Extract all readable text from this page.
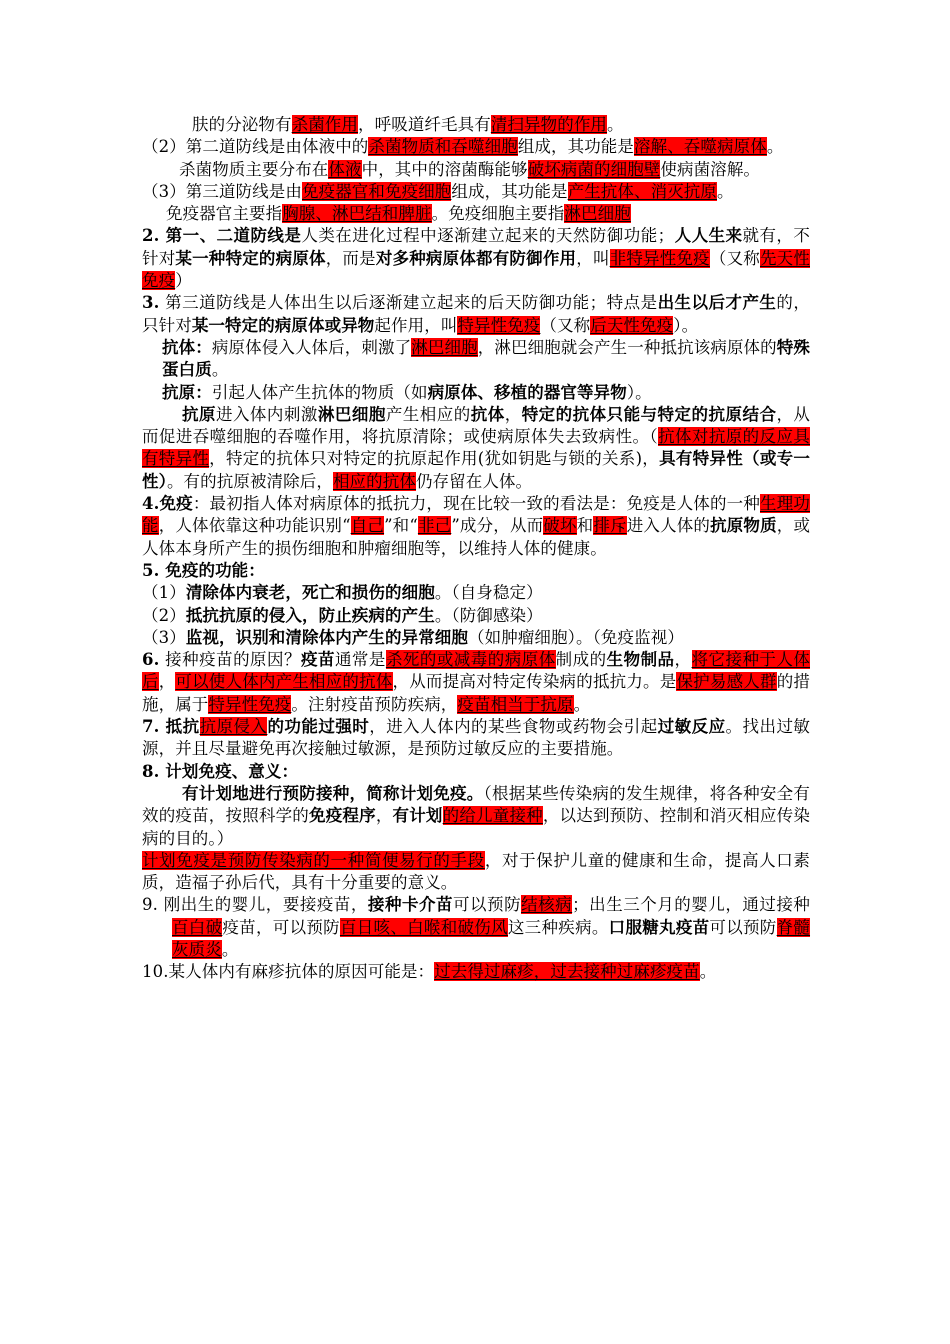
肤的分泌物有杀菌作用，呼吸道纤毛具有清扫异物的作用。

（2）第二道防线是由体液中的杀菌物质和吞噬细胞组成，其功能是溶解、吞噬病原体。

杀菌物质主要分布在体液中，其中的溶菌酶能够破坏病菌的细胞壁使病菌溶解。

（3）第三道防线是由免疫器官和免疫细胞组成，其功能是产生抗体、消灭抗原。

免疫器官主要指胸腺、淋巴结和脾脏。免疫细胞主要指淋巴细胞

2. 第一、二道防线是人类在进化过程中逐渐建立起来的天然防御功能；人人生来就有，不针对某一种特定的病原体，而是对多种病原体都有防御作用，叫非特异性免疫（又称先天性免疫）

3. 第三道防线是人体出生以后逐渐建立起来的后天防御功能；特点是出生以后才产生的，只针对某一特定的病原体或异物起作用，叫特异性免疫（又称后天性免疫）。

抗体：病原体侵入人体后，刺激了淋巴细胞，淋巴细胞就会产生一种抵抗该病原体的特殊蛋白质。

抗原：引起人体产生抗体的物质（如病原体、移植的器官等异物）。

抗原进入体内刺激淋巴细胞产生相应的抗体，特定的抗体只能与特定的抗原结合，从而促进吞噬细胞的吞噬作用，将抗原清除；或使病原体失去致病性。（抗体对抗原的反应具有特异性，特定的抗体只对特定的抗原起作用(犹如钥匙与锁的关系)，具有特异性（或专一性）。有的抗原被清除后，相应的抗体仍存留在人体。

4.免疫：最初指人体对病原体的抵抗力，现在比较一致的看法是：免疫是人体的一种生理功能，人体依靠这种功能识别“自己”和“非己”成分，从而破坏和排斥进入人体的抗原物质，或人体本身所产生的损伤细胞和肿瘤细胞等，以维持人体的健康。

5. 免疫的功能：

（1）清除体内衰老，死亡和损伤的细胞。（自身稳定）

（2）抵抗抗原的侵入，防止疾病的产生。（防御感染）

（3）监视，识别和清除体内产生的异常细胞（如肿瘤细胞）。（免疫监视）

6. 接种疫苗的原因？疫苗通常是杀死的或减毒的病原体制成的生物制品，将它接种于人体后，可以使人体内产生相应的抗体，从而提高对特定传染病的抵抗力。是保护易感人群的措施，属于特异性免疫。注射疫苗预防疾病，疫苗相当于抗原。

7. 抵抗抗原侵入的功能过强时，进入人体内的某些食物或药物会引起过敏反应。找出过敏源，并且尽量避免再次接触过敏源，是预防过敏反应的主要措施。

8. 计划免疫、意义：

有计划地进行预防接种，简称计划免疫。（根据某些传染病的发生规律，将各种安全有效的疫苗，按照科学的免疫程序，有计划的给儿童接种，以达到预防、控制和消灭相应传染病的目的。）

计划免疫是预防传染病的一种简便易行的手段，对于保护儿童的健康和生命，提高人口素质，造福子孙后代，具有十分重要的意义。

9. 刚出生的婴儿，要接疫苗，接种卡介苗可以预防结核病；出生三个月的婴儿，通过接种百白破疫苗，可以预防百日咳、白喉和破伤风这三种疾病。口服糖丸疫苗可以预防脊髓灰质炎。

10.某人体内有麻疹抗体的原因可能是：过去得过麻疹，过去接种过麻疹疫苗。
